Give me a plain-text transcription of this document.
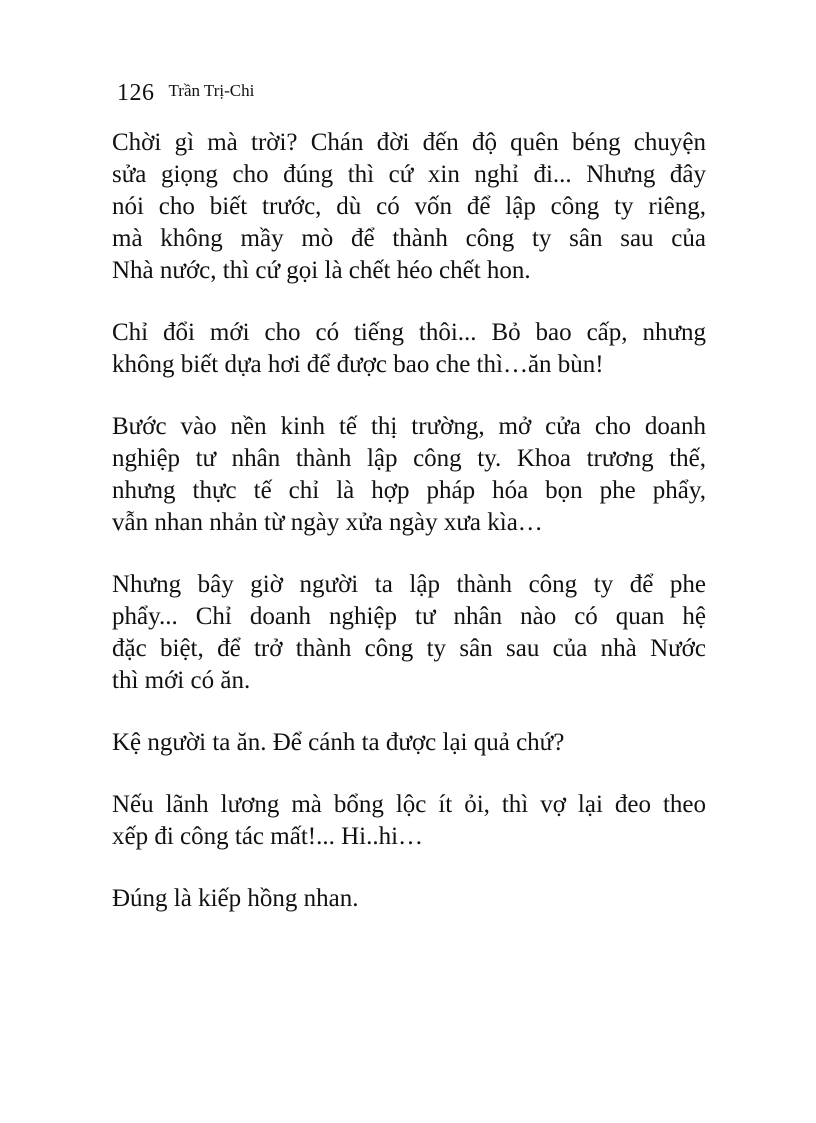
126 Trần Trị-Chi

Chời gì mà trời? Chán đời đến độ quên béng chuyện
sửa giọng cho đúng thì cứ xin nghỉ đi... Nhưng đây
nói cho biết trước, dù có vốn để lập công ty riêng,
mà không mầy mò để thành công ty sân sau của
Nhà nước, thì cứ gọi là chết héo chết hon.

Chỉ đổi mới cho có tiếng thôi... Bỏ bao cấp, nhưng
không biết dựa hơi để được bao che thì…ăn bùn!

Bước vào nền kinh tế thị trường, mở cửa cho doanh
nghiệp tư nhân thành lập công ty. Khoa trương thế,
nhưng thực tế chỉ là hợp pháp hóa bọn phe phẩy,
vẫn nhan nhản từ ngày xửa ngày xưa kìa…

Nhưng bây giờ người ta lập thành công ty để phe
phẩy... Chỉ doanh nghiệp tư nhân nào có quan hệ
đặc biệt, để trở thành công ty sân sau của nhà Nước
thì mới có ăn.

Kệ người ta ăn. Để cánh ta được lại quả chứ?

Nếu lãnh lương mà bổng lộc ít ỏi, thì vợ lại đeo theo
xếp đi công tác mất!... Hi..hi…

Đúng là kiếp hồng nhan.
